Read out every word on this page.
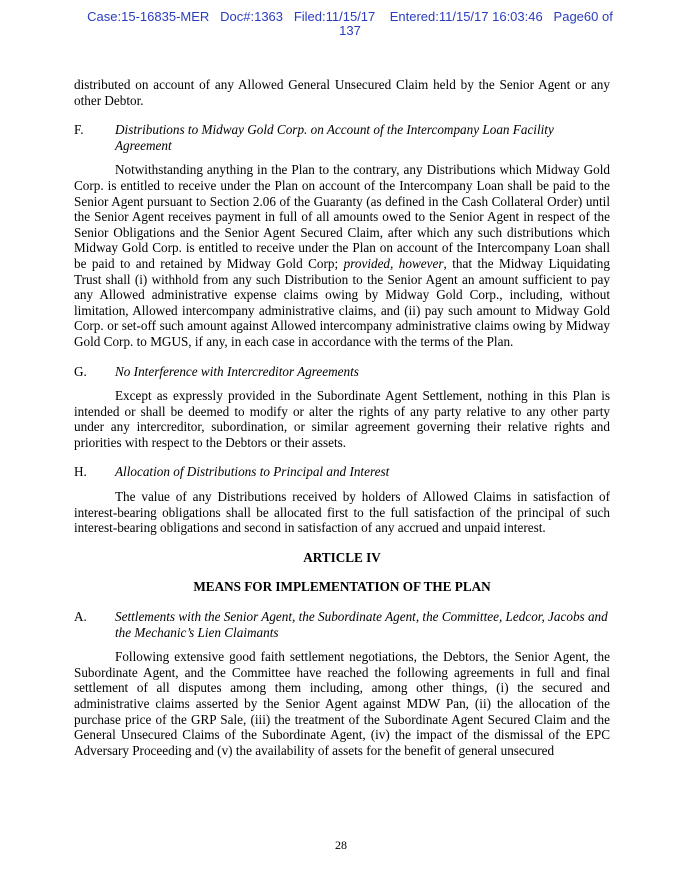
Case:15-16835-MER   Doc#:1363   Filed:11/15/17    Entered:11/15/17 16:03:46   Page60 of
137

distributed on account of any Allowed General Unsecured Claim held by the Senior Agent or any other Debtor.

F.	Distributions to Midway Gold Corp. on Account of the Intercompany Loan Facility Agreement

Notwithstanding anything in the Plan to the contrary, any Distributions which Midway Gold Corp. is entitled to receive under the Plan on account of the Intercompany Loan shall be paid to the Senior Agent pursuant to Section 2.06 of the Guaranty (as defined in the Cash Collateral Order) until the Senior Agent receives payment in full of all amounts owed to the Senior Agent in respect of the Senior Obligations and the Senior Agent Secured Claim, after which any such distributions which Midway Gold Corp. is entitled to receive under the Plan on account of the Intercompany Loan shall be paid to and retained by Midway Gold Corp; provided, however, that the Midway Liquidating Trust shall (i) withhold from any such Distribution to the Senior Agent an amount sufficient to pay any Allowed administrative expense claims owing by Midway Gold Corp., including, without limitation, Allowed intercompany administrative claims, and (ii) pay such amount to Midway Gold Corp. or set-off such amount against Allowed intercompany administrative claims owing by Midway Gold Corp. to MGUS, if any, in each case in accordance with the terms of the Plan.

G.	No Interference with Intercreditor Agreements

Except as expressly provided in the Subordinate Agent Settlement, nothing in this Plan is intended or shall be deemed to modify or alter the rights of any party relative to any other party under any intercreditor, subordination, or similar agreement governing their relative rights and priorities with respect to the Debtors or their assets.

H.	Allocation of Distributions to Principal and Interest

The value of any Distributions received by holders of Allowed Claims in satisfaction of interest-bearing obligations shall be allocated first to the full satisfaction of the principal of such interest-bearing obligations and second in satisfaction of any accrued and unpaid interest.

ARTICLE IV
MEANS FOR IMPLEMENTATION OF THE PLAN
A.	Settlements with the Senior Agent, the Subordinate Agent, the Committee, Ledcor, Jacobs and the Mechanic’s Lien Claimants

Following extensive good faith settlement negotiations, the Debtors, the Senior Agent, the Subordinate Agent, and the Committee have reached the following agreements in full and final settlement of all disputes among them including, among other things, (i) the secured and administrative claims asserted by the Senior Agent against MDW Pan, (ii) the allocation of the purchase price of the GRP Sale, (iii) the treatment of the Subordinate Agent Secured Claim and the General Unsecured Claims of the Subordinate Agent, (iv) the impact of the dismissal of the EPC Adversary Proceeding and (v) the availability of assets for the benefit of general unsecured

28
